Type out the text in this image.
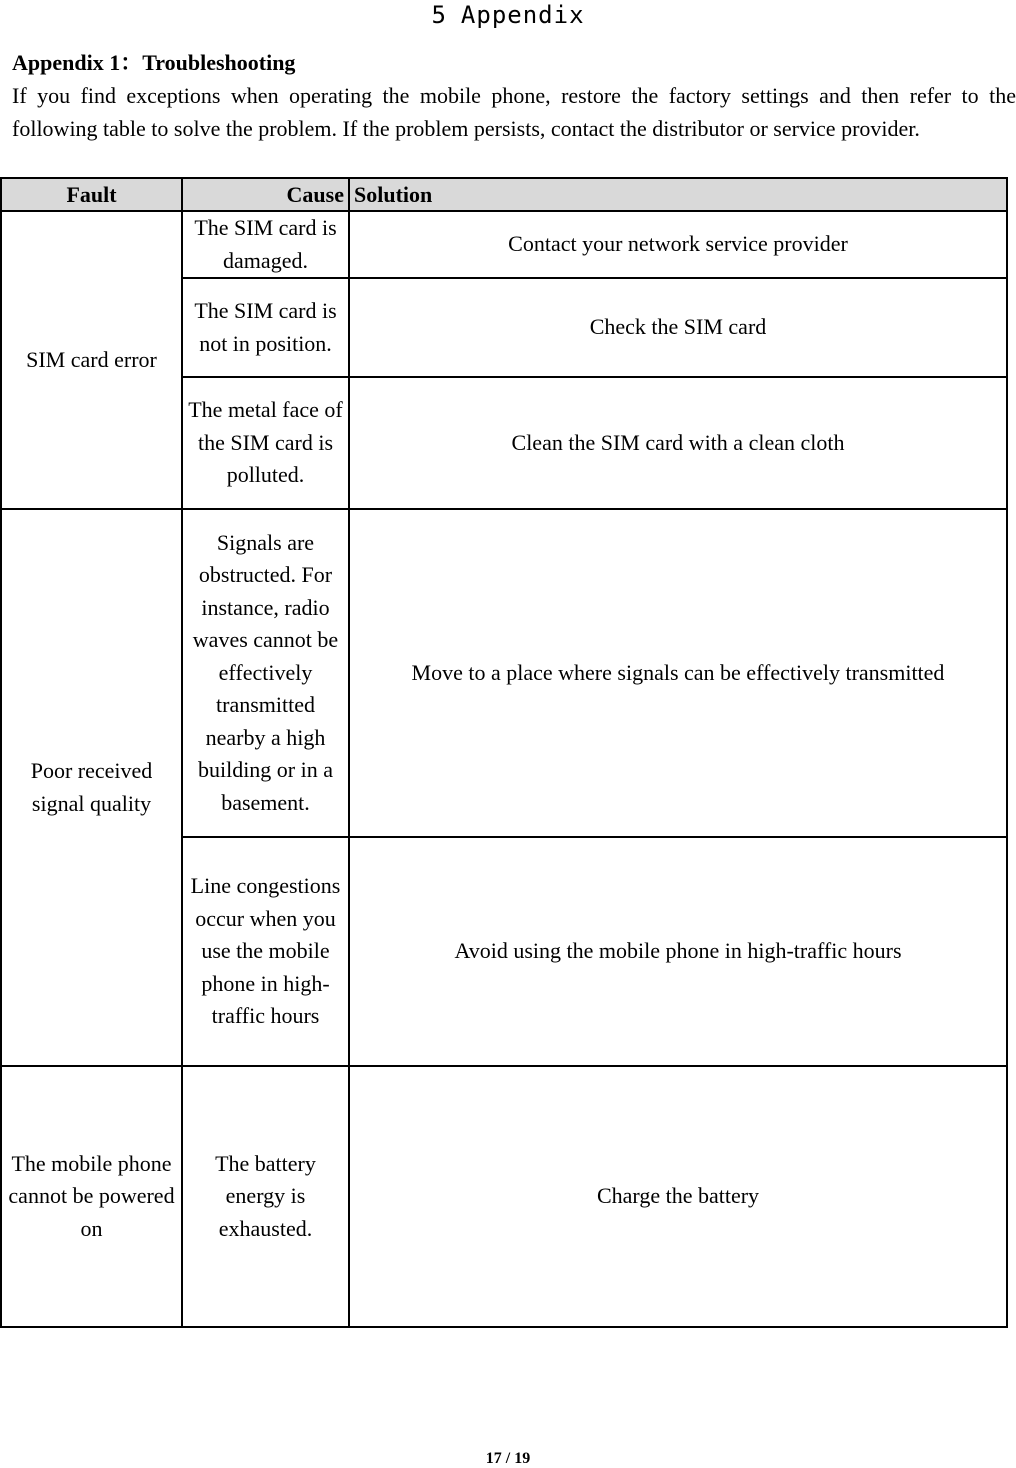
5 Appendix
Appendix 1：Troubleshooting
If you find exceptions when operating the mobile phone, restore the factory settings and then refer to the following table to solve the problem. If the problem persists, contact the distributor or service provider.
Fault	Cause	Solution
SIM card error	The SIM card is damaged.	Contact your network service provider
	The SIM card is not in position.	Check the SIM card
	The metal face of the SIM card is polluted.	Clean the SIM card with a clean cloth
Poor received signal quality	Signals are obstructed. For instance, radio waves cannot be effectively transmitted nearby a high building or in a basement.	Move to a place where signals can be effectively transmitted
	Line congestions occur when you use the mobile phone in high-traffic hours	Avoid using the mobile phone in high-traffic hours
The mobile phone cannot be powered on	The battery energy is exhausted.	Charge the battery
17 / 19
